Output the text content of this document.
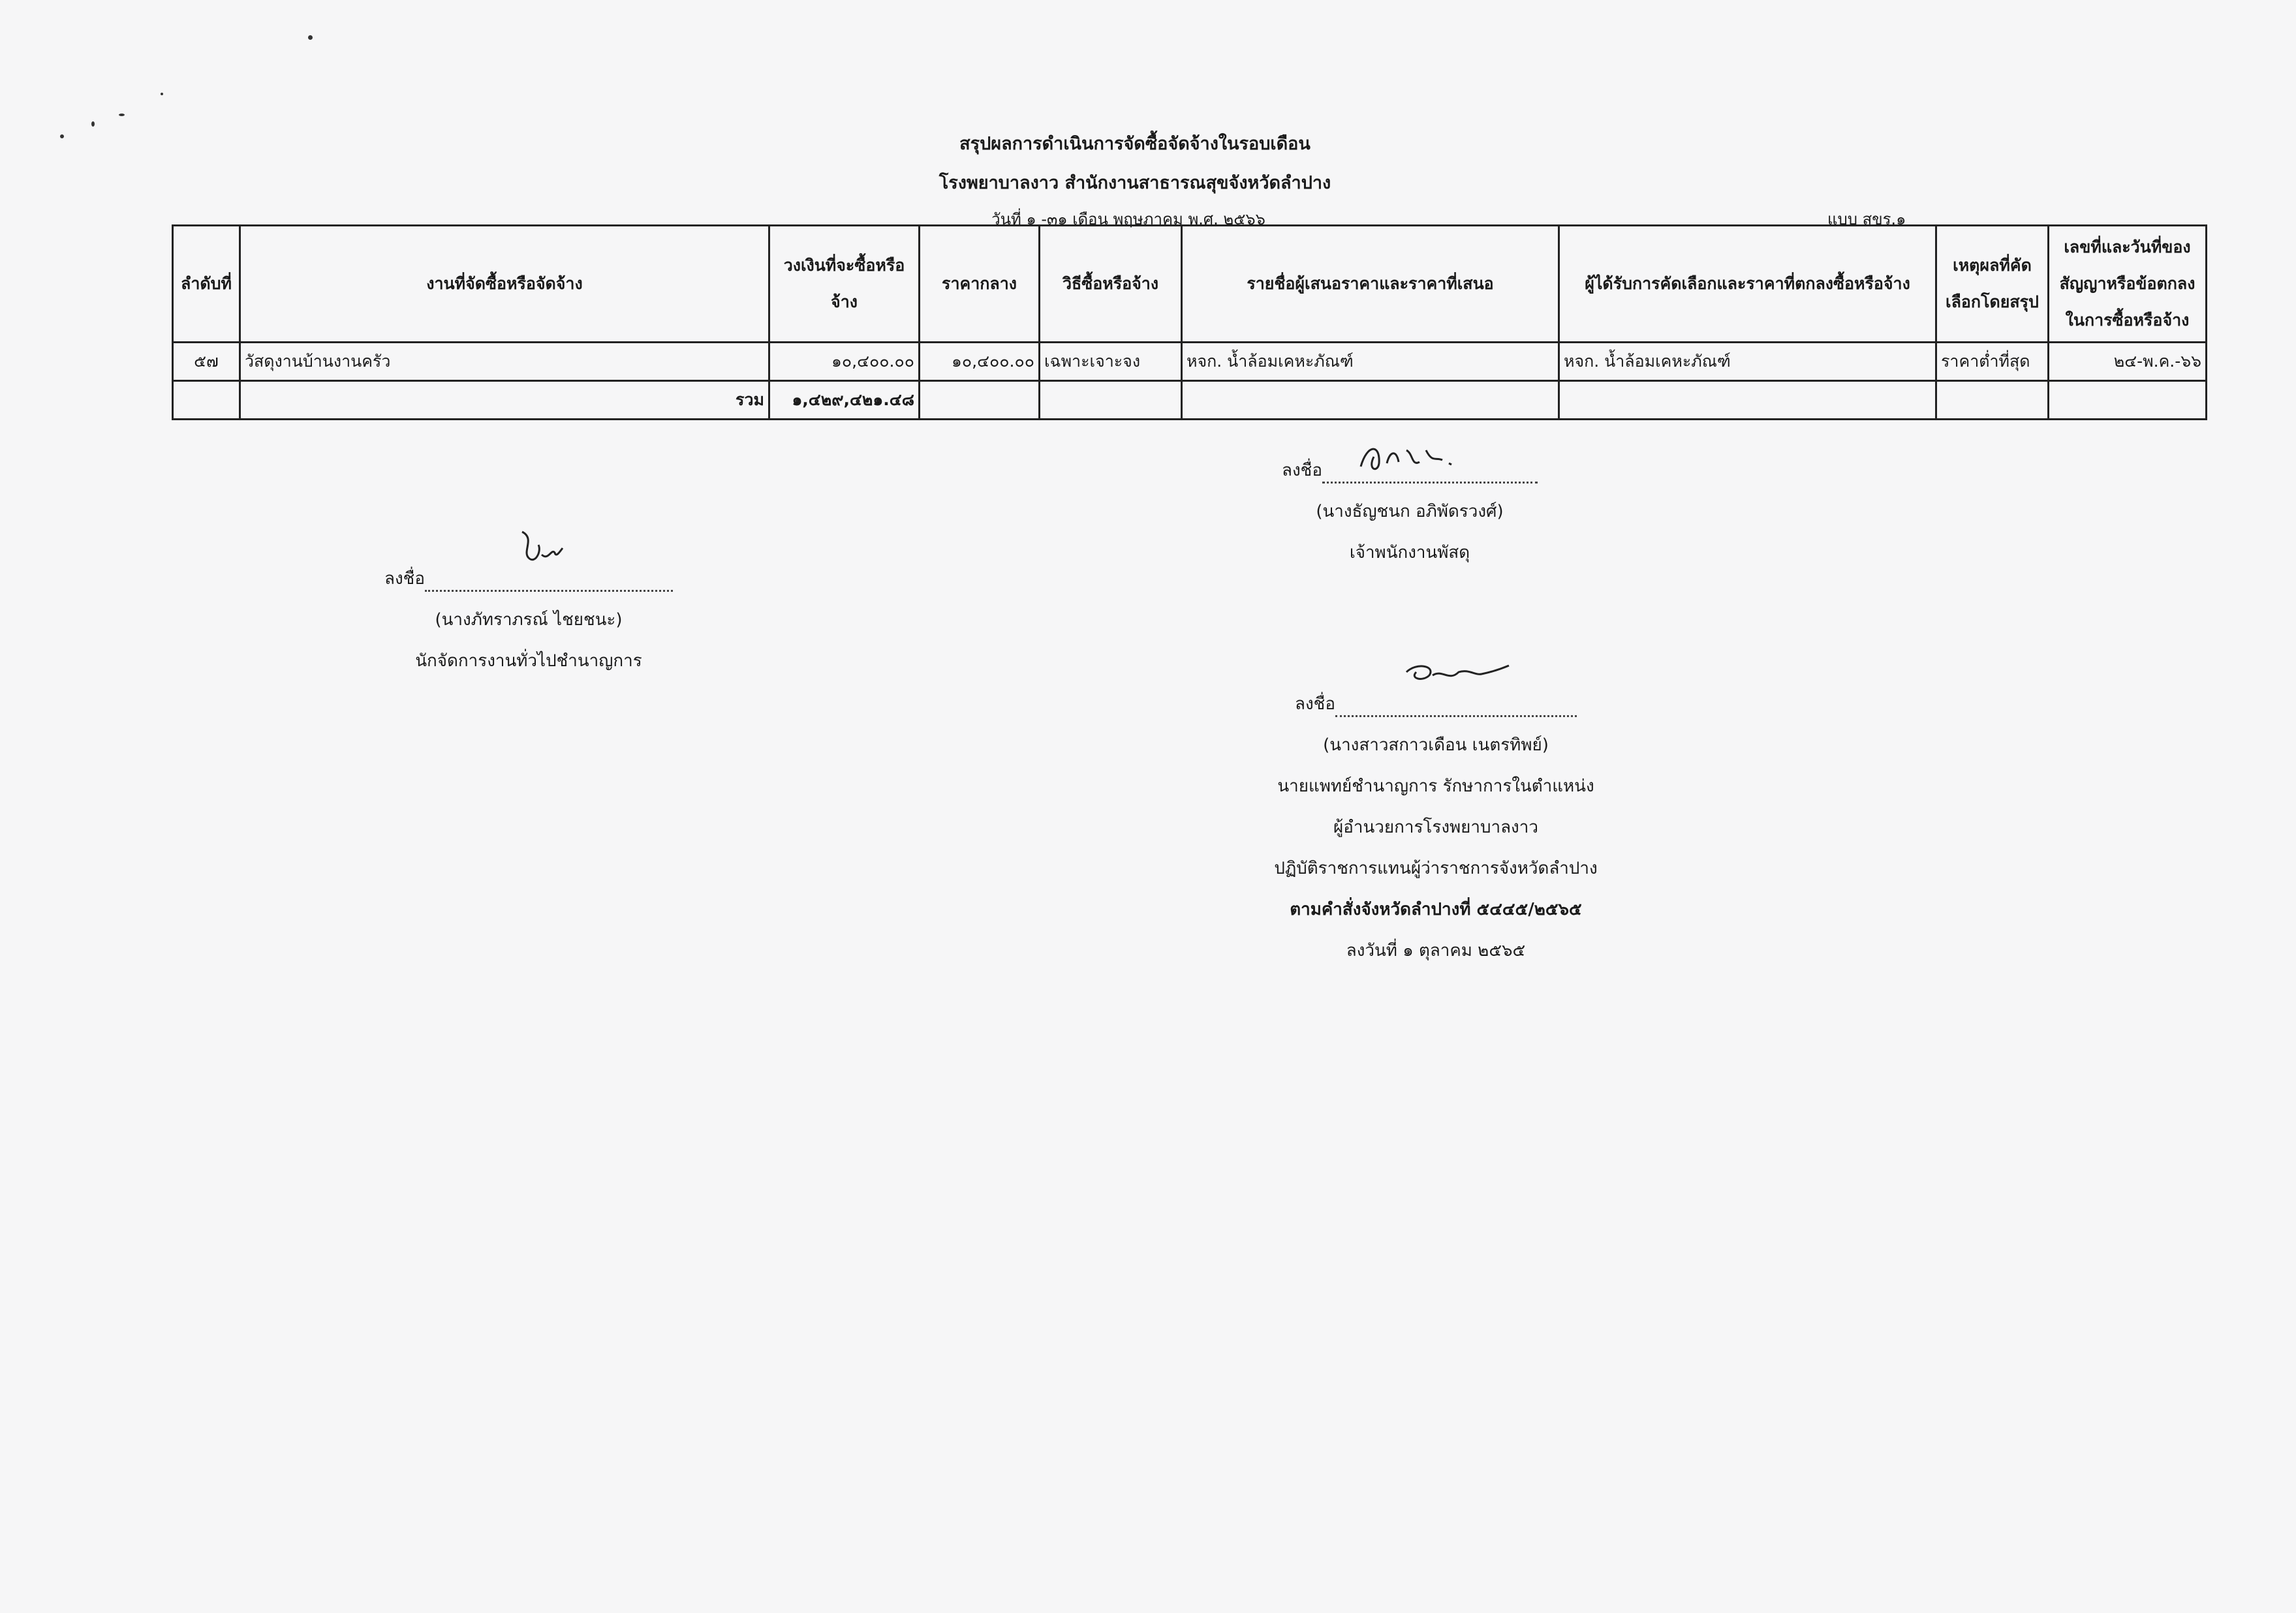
สรุปผลการดำเนินการจัดซื้อจัดจ้างในรอบเดือน
โรงพยาบาลงาว สำนักงานสาธารณสุขจังหวัดลำปาง
วันที่ ๑ -๓๑ เดือน พฤษภาคม พ.ศ. ๒๕๖๖	แบบ สขร.๑
ลำดับที่	งานที่จัดซื้อหรือจัดจ้าง	วงเงินที่จะซื้อหรือจ้าง	ราคากลาง	วิธีซื้อหรือจ้าง	รายชื่อผู้เสนอราคาและราคาที่เสนอ	ผู้ได้รับการคัดเลือกและราคาที่ตกลงซื้อหรือจ้าง	เหตุผลที่คัดเลือกโดยสรุป	เลขที่และวันที่ของสัญญาหรือข้อตกลงในการซื้อหรือจ้าง
๕๗	วัสดุงานบ้านงานครัว	๑๐,๔๐๐.๐๐	๑๐,๔๐๐.๐๐	เฉพาะเจาะจง	หจก. น้ำล้อมเคหะภัณฑ์	หจก. น้ำล้อมเคหะภัณฑ์	ราคาต่ำที่สุด	๒๔-พ.ค.-๖๖
	รวม	๑,๔๒๙,๔๒๑.๔๘						
ลงชื่อ
(นางธัญชนก อภิพัดรวงศ์)
เจ้าพนักงานพัสดุ
ลงชื่อ
(นางภัทราภรณ์ ไชยชนะ)
นักจัดการงานทั่วไปชำนาญการ
ลงชื่อ
(นางสาวสกาวเดือน เนตรทิพย์)
นายแพทย์ชำนาญการ รักษาการในตำแหน่ง
ผู้อำนวยการโรงพยาบาลงาว
ปฏิบัติราชการแทนผู้ว่าราชการจังหวัดลำปาง
ตามคำสั่งจังหวัดลำปางที่ ๕๔๔๕/๒๕๖๕
ลงวันที่ ๑ ตุลาคม ๒๕๖๕
